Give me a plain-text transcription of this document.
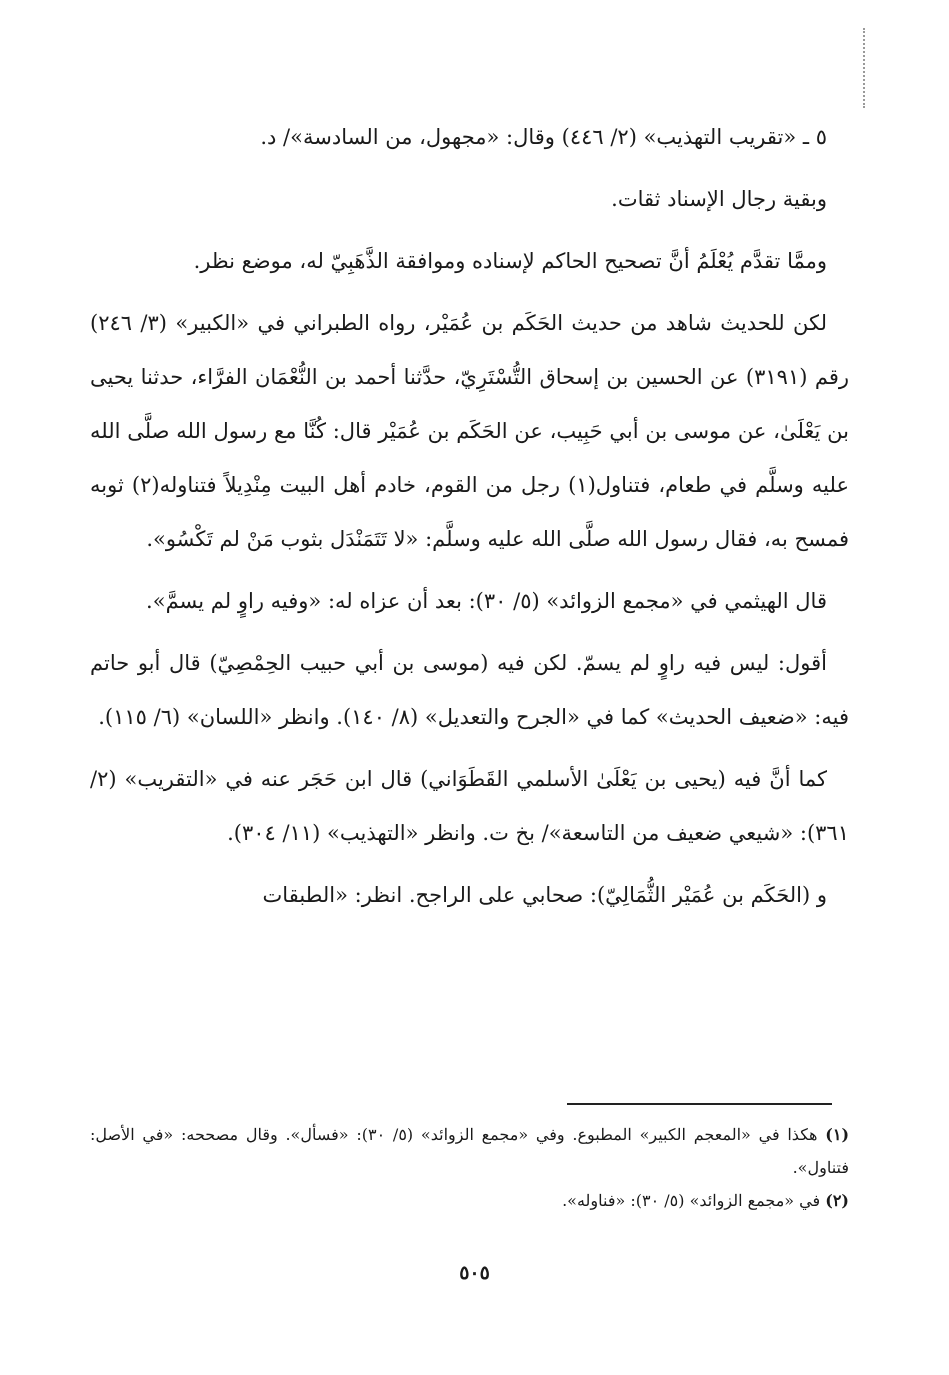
٥ ـ «تقريب التهذيب» (٢/ ٤٤٦) وقال: «مجهول، من السادسة»/ د.

وبقية رجال الإسناد ثقات.

وممَّا تقدَّم يُعْلَمُ أنَّ تصحيح الحاكم لإسناده وموافقة الذَّهَبِيّ له، موضع نظر.

لكن للحديث شاهد من حديث الحَكَم بن عُمَيْر، رواه الطبراني في «الكبير» (٣/ ٢٤٦) رقم (٣١٩١) عن الحسين بن إسحاق التُّسْتَرِيّ، حدَّثنا أحمد بن النُّعْمَان الفرَّاء، حدثنا يحيى بن يَعْلَىٰ، عن موسى بن أبي حَبِيب، عن الحَكَم بن عُمَيْر قال: كُنَّا مع رسول الله صلَّى الله عليه وسلَّم في طعام، فتناول(١) رجل من القوم، خادم أهل البيت مِنْدِيلاً فتناوله(٢) ثوبه فمسح به، فقال رسول الله صلَّى الله عليه وسلَّم: «لا تَتَمَنْدَل بثوب مَنْ لم تَكْسُو».

قال الهيثمي في «مجمع الزوائد» (٥/ ٣٠): بعد أن عزاه له: «وفيه راوٍ لم يسمَّ».

أقول: ليس فيه راوٍ لم يسمّ. لكن فيه (موسى بن أبي حبيب الحِمْصِيّ) قال أبو حاتم فيه: «ضعيف الحديث» كما في «الجرح والتعديل» (٨/ ١٤٠). وانظر «اللسان» (٦/ ١١٥).

كما أنَّ فيه (يحيى بن يَعْلَىٰ الأسلمي القَطَوَاني) قال ابن حَجَر عنه في «التقريب» (٢/ ٣٦١): «شيعي ضعيف من التاسعة»/ بخ ت. وانظر «التهذيب» (١١/ ٣٠٤).

و (الحَكَم بن عُمَيْر الثُّمَالِيّ): صحابي على الراجح. انظر: «الطبقات

(١) هكذا في «المعجم الكبير» المطبوع. وفي «مجمع الزوائد» (٥/ ٣٠): «فسأل». وقال مصححه: «في الأصل: فتناول».

(٢) في «مجمع الزوائد» (٥/ ٣٠): «فناوله».

٥٠٥
